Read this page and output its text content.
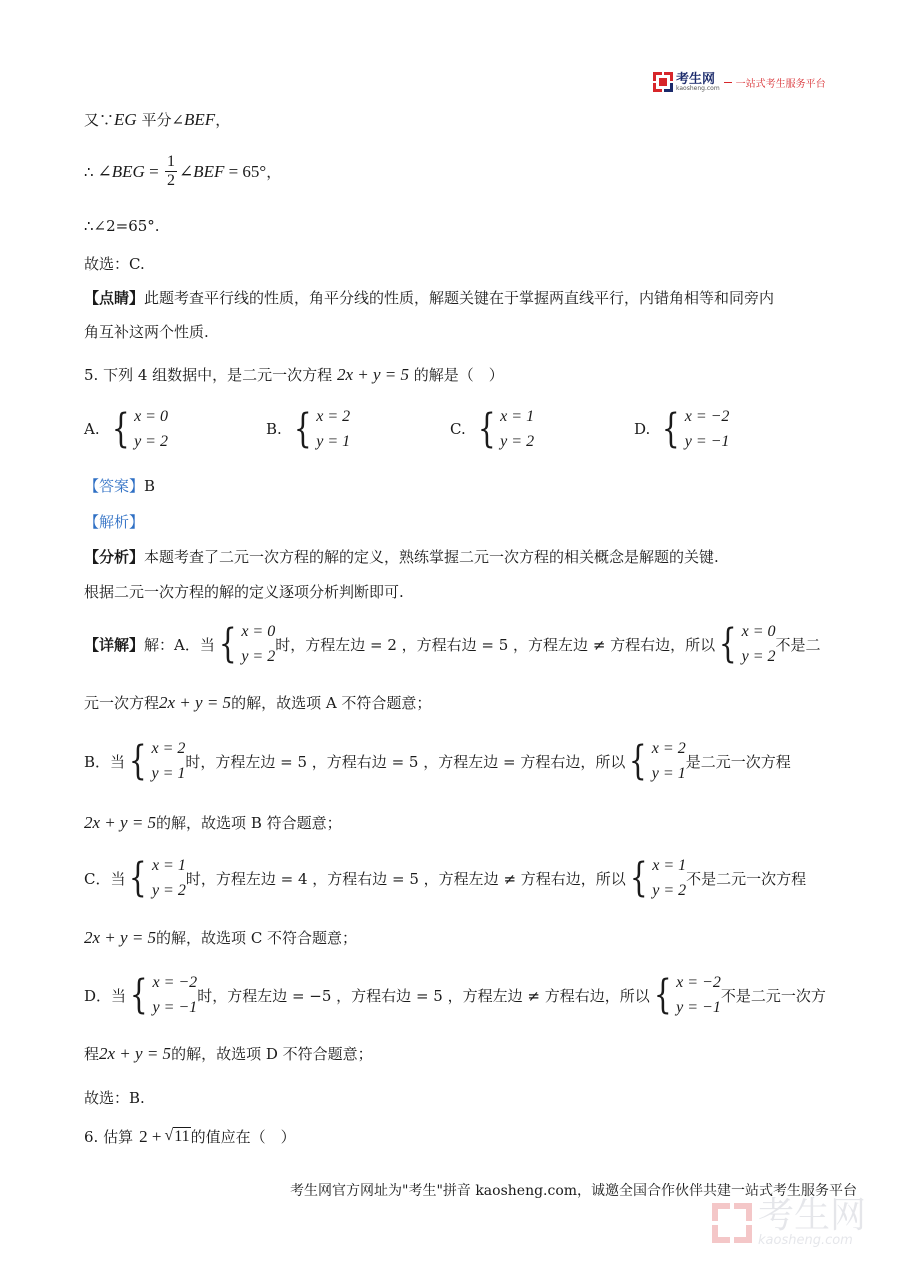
考生网
kaosheng.com 一站式考生服务平台
又∵EG 平分∠BEF，
∴ ∠BEG = $\frac{1}{2}$ ∠BEF = 65° ，
∴∠2=65°.
故选：C.
【点睛】此题考查平行线的性质，角平分线的性质，解题关键在于掌握两直线平行，内错角相等和同旁内
角互补这两个性质.
5. 下列 4 组数据中，是二元一次方程 2x + y = 5 的解是（　）
A. { x = 0
y = 2
B. { x = 2
y = 1
C. { x = 1
y = 2
D. { x = −2
y = −1
【答案】B
【解析】
【分析】本题考查了二元一次方程的解的定义，熟练掌握二元一次方程的相关概念是解题的关键.
根据二元一次方程的解的定义逐项分析判断即可.
【详解】 解：A．当 { x = 0
y = 2
时，方程左边 = 2 ，方程右边 = 5 ，方程左边 ≠ 方程右边，所以 { x = 0
y = 2
不是二
元一次方程2x + y = 5的解，故选项 A 不符合题意；
B．当 { x = 2
y = 1
时，方程左边 = 5 ，方程右边 = 5 ，方程左边 = 方程右边，所以 { x = 2
y = 1
是二元一次方程
2x + y = 5的解，故选项 B 符合题意；
C．当 { x = 1
y = 2
时，方程左边 = 4 ，方程右边 = 5 ，方程左边 ≠ 方程右边，所以 { x = 1
y = 2
不是二元一次方程
2x + y = 5的解，故选项 C 不符合题意；
D．当 { x = −2
y = −1
时，方程左边 = −5 ，方程右边 = 5 ，方程左边 ≠ 方程右边，所以 { x = −2
y = −1
不是二元一次方
程2x + y = 5的解，故选项 D 不符合题意；
故选：B.
6. 估算 2 + √ 11 的值应在（　）
考生网官方网址为"考生"拼音 kaosheng.com，诚邀全国合作伙伴共建一站式考生服务平台
考生网
kaosheng.com
